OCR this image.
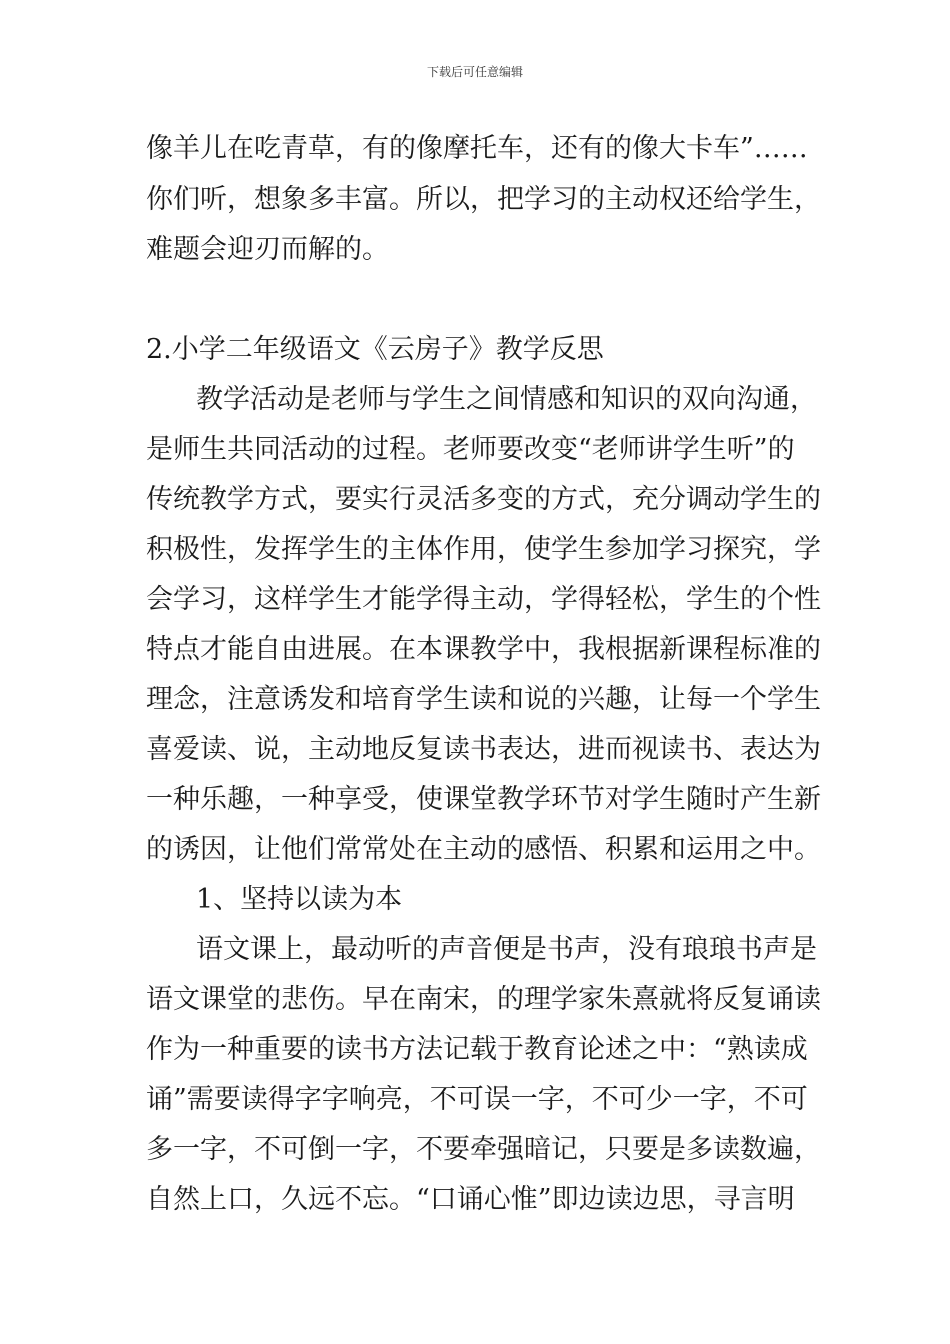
下载后可任意编辑
像羊儿在吃青草，有的像摩托车，还有的像大卡车”……
你们听，想象多丰富。所以，把学习的主动权还给学生，
难题会迎刃而解的。
2.小学二年级语文《云房子》教学反思
教学活动是老师与学生之间情感和知识的双向沟通，
是师生共同活动的过程。老师要改变“老师讲学生听”的
传统教学方式，要实行灵活多变的方式，充分调动学生的
积极性，发挥学生的主体作用，使学生参加学习探究，学
会学习，这样学生才能学得主动，学得轻松，学生的个性
特点才能自由进展。在本课教学中，我根据新课程标准的
理念，注意诱发和培育学生读和说的兴趣，让每一个学生
喜爱读、说，主动地反复读书表达，进而视读书、表达为
一种乐趣，一种享受，使课堂教学环节对学生随时产生新
的诱因，让他们常常处在主动的感悟、积累和运用之中。
1、坚持以读为本
语文课上，最动听的声音便是书声，没有琅琅书声是
语文课堂的悲伤。早在南宋，的理学家朱熹就将反复诵读
作为一种重要的读书方法记载于教育论述之中：“熟读成
诵”需要读得字字响亮，不可误一字，不可少一字，不可
多一字，不可倒一字，不要牵强暗记，只要是多读数遍，
自然上口，久远不忘。“口诵心惟”即边读边思，寻言明
